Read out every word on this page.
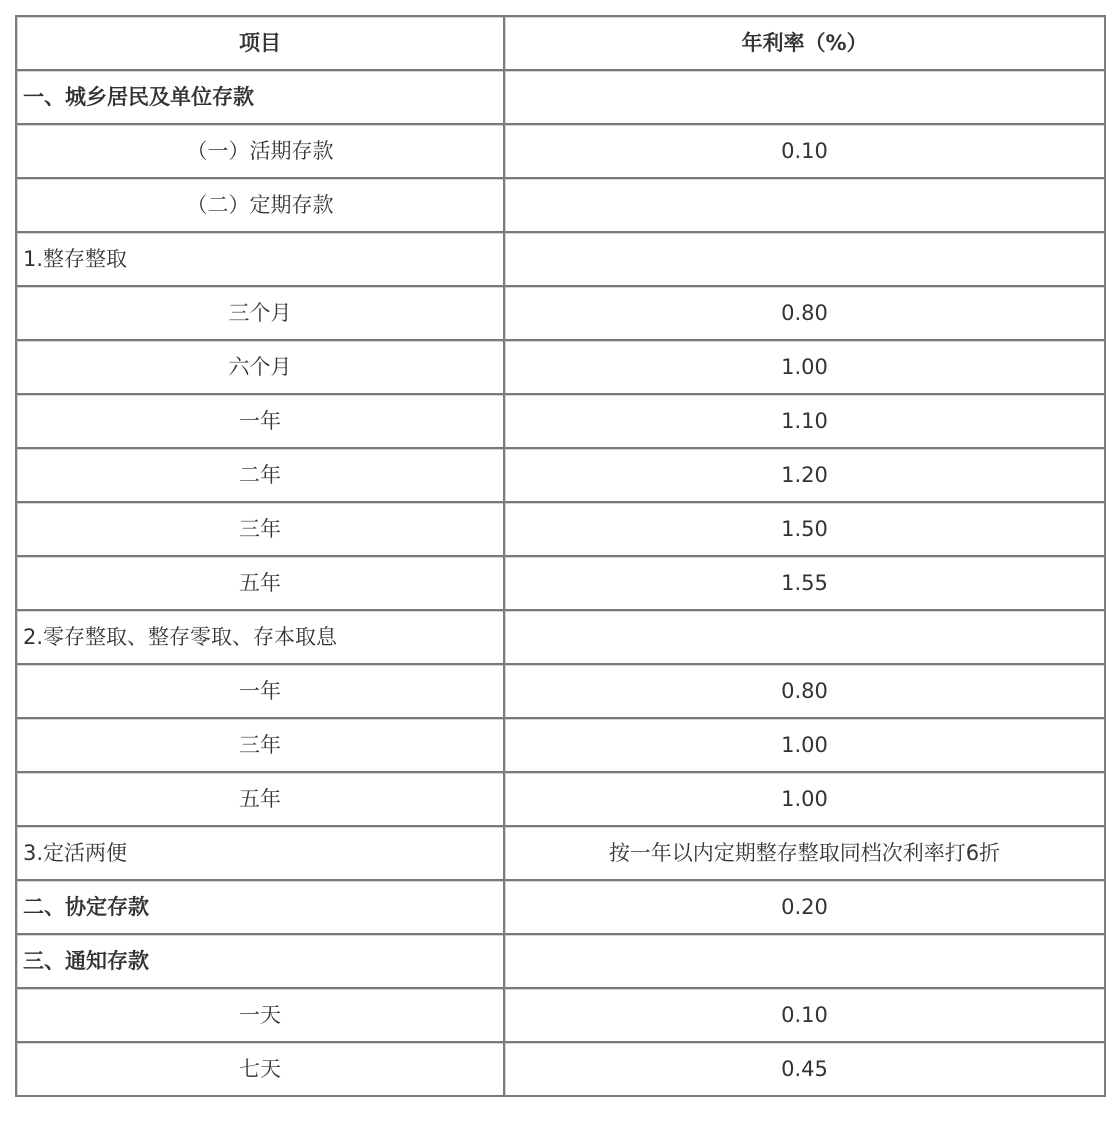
项目	年利率（%）
一、城乡居民及单位存款	
（一）活期存款	0.10
（二）定期存款	
1.整存整取	
三个月	0.80
六个月	1.00
一年	1.10
二年	1.20
三年	1.50
五年	1.55
2.零存整取、整存零取、存本取息	
一年	0.80
三年	1.00
五年	1.00
3.定活两便	按一年以内定期整存整取同档次利率打6折
二、协定存款	0.20
三、通知存款	
一天	0.10
七天	0.45
